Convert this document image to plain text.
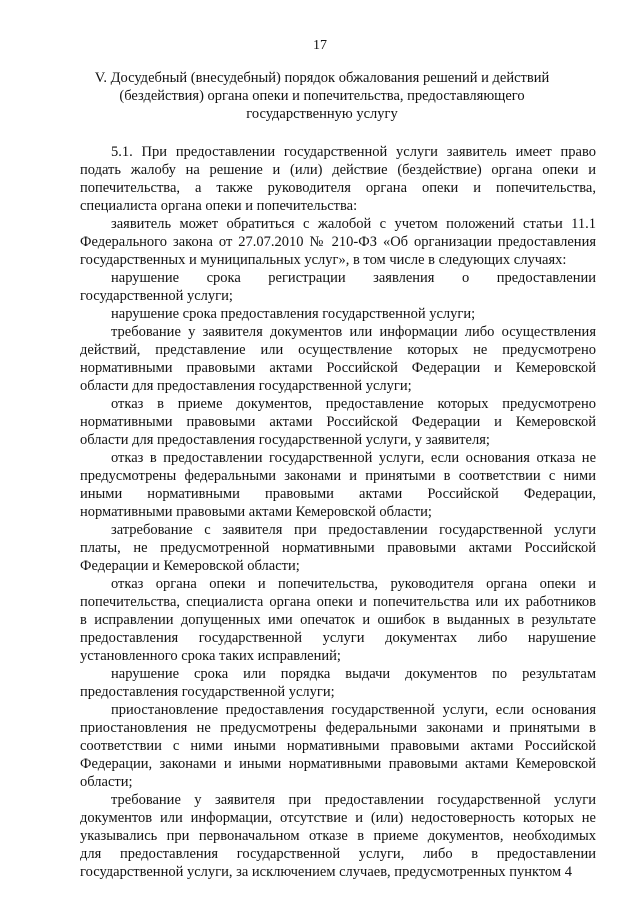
17
V. Досудебный (внесудебный) порядок обжалования решений и действий
(бездействия) органа опеки и попечительства, предоставляющего
государственную услугу
5.1. При предоставлении государственной услуги заявитель имеет право
подать жалобу на решение и (или) действие (бездействие) органа опеки и
попечительства, а также руководителя органа опеки и попечительства,
специалиста органа опеки и попечительства:
заявитель может обратиться с жалобой с учетом положений статьи 11.1
Федерального закона от 27.07.2010 № 210-ФЗ «Об организации предоставления
государственных и муниципальных услуг», в том числе в следующих случаях:
нарушение срока регистрации заявления о предоставлении
государственной услуги;
нарушение срока предоставления государственной услуги;
требование у заявителя документов или информации либо осуществления
действий, представление или осуществление которых не предусмотрено
нормативными правовыми актами Российской Федерации и Кемеровской
области для предоставления государственной услуги;
отказ в приеме документов, предоставление которых предусмотрено
нормативными правовыми актами Российской Федерации и Кемеровской
области для предоставления государственной услуги, у заявителя;
отказ в предоставлении государственной услуги, если основания отказа не
предусмотрены федеральными законами и принятыми в соответствии с ними
иными нормативными правовыми актами Российской Федерации,
нормативными правовыми актами Кемеровской области;
затребование с заявителя при предоставлении государственной услуги
платы, не предусмотренной нормативными правовыми актами Российской
Федерации и Кемеровской области;
отказ органа опеки и попечительства, руководителя органа опеки и
попечительства, специалиста органа опеки и попечительства или их работников
в исправлении допущенных ими опечаток и ошибок в выданных в результате
предоставления государственной услуги документах либо нарушение
установленного срока таких исправлений;
нарушение срока или порядка выдачи документов по результатам
предоставления государственной услуги;
приостановление предоставления государственной услуги, если основания
приостановления не предусмотрены федеральными законами и принятыми в
соответствии с ними иными нормативными правовыми актами Российской
Федерации, законами и иными нормативными правовыми актами Кемеровской
области;
требование у заявителя при предоставлении государственной услуги
документов или информации, отсутствие и (или) недостоверность которых не
указывались при первоначальном отказе в приеме документов, необходимых
для предоставления государственной услуги, либо в предоставлении
государственной услуги, за исключением случаев, предусмотренных пунктом 4
